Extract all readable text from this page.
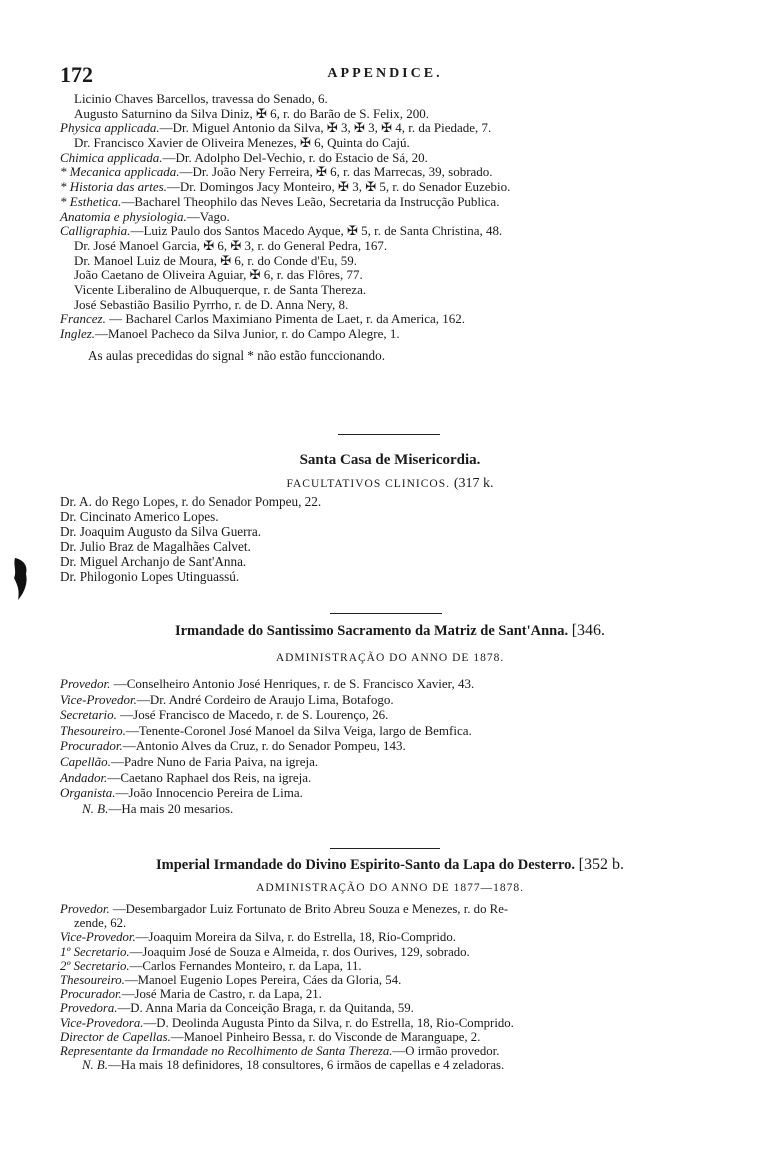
172	APPENDICE.
Licinio Chaves Barcellos, travessa do Senado, 6.
Augusto Saturnino da Silva Diniz, ✠ 6, r. do Barão de S. Felix, 200.
Physica applicada.—Dr. Miguel Antonio da Silva, ✠ 3, ✠ 3, ✠ 4, r. da Piedade, 7.
Dr. Francisco Xavier de Oliveira Menezes, ✠ 6, Quinta do Cajú.
Chimica applicada.—Dr. Adolpho Del-Vechio, r. do Estacio de Sá, 20.
* Mecanica applicada.—Dr. João Nery Ferreira, ✠ 6, r. das Marrecas, 39, sobrado.
* Historia das artes.—Dr. Domingos Jacy Monteiro, ✠ 3, ✠ 5, r. do Senador Euzebio.
* Esthetica.—Bacharel Theophilo das Neves Leão, Secretaria da Instrucção Publica.
Anatomia e physiologia.—Vago.
Calligraphia.—Luiz Paulo dos Santos Macedo Ayque, ✠ 5, r. de Santa Christina, 48.
Dr. José Manoel Garcia, ✠ 6, ✠ 3, r. do General Pedra, 167.
Dr. Manoel Luiz de Moura, ✠ 6, r. do Conde d'Eu, 59.
João Caetano de Oliveira Aguiar, ✠ 6, r. das Flôres, 77.
Vicente Liberalino de Albuquerque, r. de Santa Thereza.
José Sebastião Basilio Pyrrho, r. de D. Anna Nery, 8.
Francez. — Bacharel Carlos Maximiano Pimenta de Laet, r. da America, 162.
Inglez.—Manoel Pacheco da Silva Junior, r. do Campo Alegre, 1.
As aulas precedidas do signal * não estão funccionando.
Santa Casa de Misericordia.
FACULTATIVOS CLINICOS. (317 k.
Dr. A. do Rego Lopes, r. do Senador Pompeu, 22.
Dr. Cincinato Americo Lopes.
Dr. Joaquim Augusto da Silva Guerra.
Dr. Julio Braz de Magalhães Calvet.
Dr. Miguel Archanjo de Sant'Anna.
Dr. Philogonio Lopes Utinguassú.
Irmandade do Santissimo Sacramento da Matriz de Sant'Anna. [346.
ADMINISTRAÇÃO DO ANNO DE 1878.
Provedor. —Conselheiro Antonio José Henriques, r. de S. Francisco Xavier, 43.
Vice-Provedor.—Dr. André Cordeiro de Araujo Lima, Botafogo.
Secretario. —José Francisco de Macedo, r. de S. Lourenço, 26.
Thesoureiro.—Tenente-Coronel José Manoel da Silva Veiga, largo de Bemfica.
Procurador.—Antonio Alves da Cruz, r. do Senador Pompeu, 143.
Capellão.—Padre Nuno de Faria Paiva, na igreja.
Andador.—Caetano Raphael dos Reis, na igreja.
Organista.—João Innocencio Pereira de Lima.
N. B.—Ha mais 20 mesarios.
Imperial Irmandade do Divino Espirito-Santo da Lapa do Desterro. [352 b.
ADMINISTRAÇÃO DO ANNO DE 1877—1878.
Provedor. —Desembargador Luiz Fortunato de Brito Abreu Souza e Menezes, r. do Re-
zende, 62.
Vice-Provedor.—Joaquim Moreira da Silva, r. do Estrella, 18, Rio-Comprido.
1º Secretario.—Joaquim José de Souza e Almeida, r. dos Ourives, 129, sobrado.
2º Secretario.—Carlos Fernandes Monteiro, r. da Lapa, 11.
Thesoureiro.—Manoel Eugenio Lopes Pereira, Cáes da Gloria, 54.
Procurador.—José Maria de Castro, r. da Lapa, 21.
Provedora.—D. Anna Maria da Conceição Braga, r. da Quitanda, 59.
Vice-Provedora.—D. Deolinda Augusta Pinto da Silva, r. do Estrella, 18, Rio-Comprido.
Director de Capellas.—Manoel Pinheiro Bessa, r. do Visconde de Maranguape, 2.
Representante da Irmandade no Recolhimento de Santa Thereza.—O irmão provedor.
N. B.—Ha mais 18 definidores, 18 consultores, 6 irmãos de capellas e 4 zeladoras.
